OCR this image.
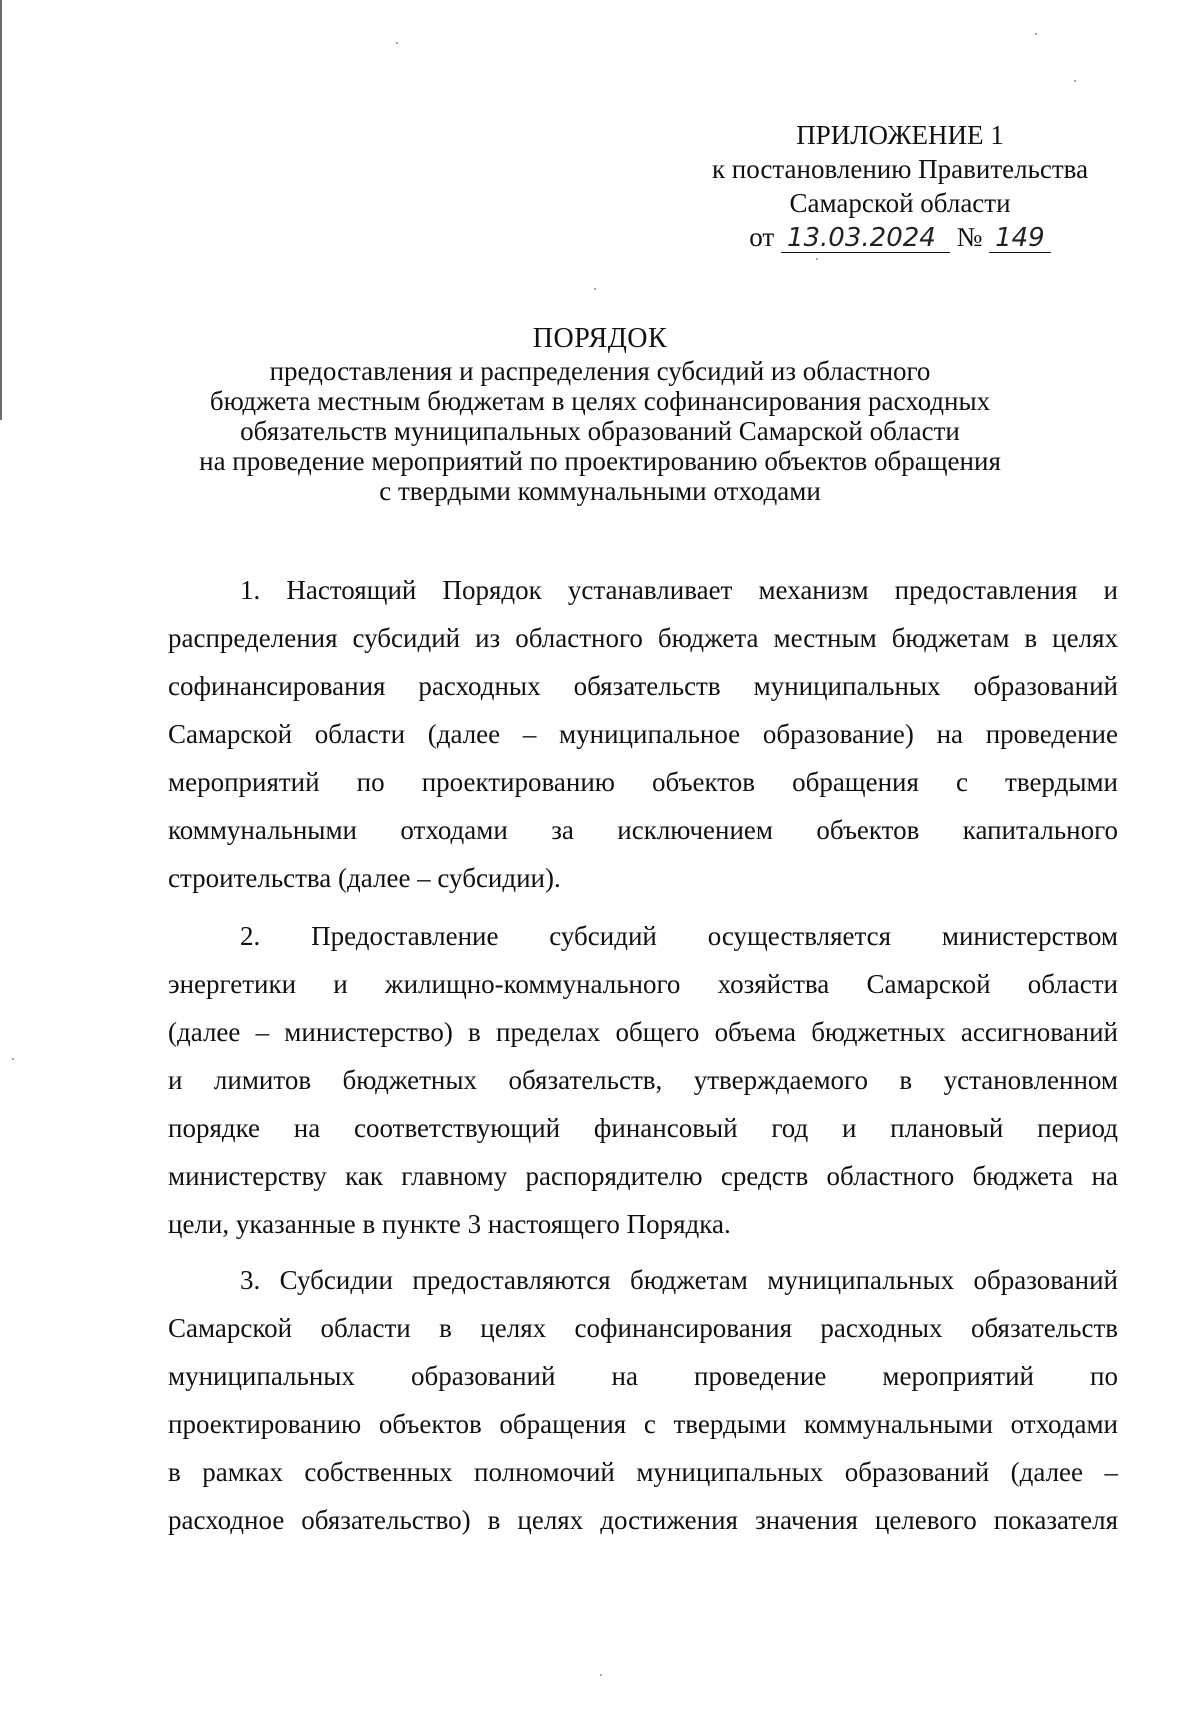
ПРИЛОЖЕНИЕ 1
к постановлению Правительства
Самарской области
от 13.03.2024 № 149
ПОРЯДОК
предоставления и распределения субсидий из областного
бюджета местным бюджетам в целях софинансирования расходных
обязательств муниципальных образований Самарской области
на проведение мероприятий по проектированию объектов обращения
с твердыми коммунальными отходами
1. Настоящий Порядок устанавливает механизм предоставления и
распределения субсидий из областного бюджета местным бюджетам в целях
софинансирования расходных обязательств муниципальных образований
Самарской области (далее – муниципальное образование) на проведение
мероприятий по проектированию объектов обращения с твердыми
коммунальными отходами за исключением объектов капитального
строительства (далее – субсидии).
2. Предоставление субсидий осуществляется министерством
энергетики и жилищно-коммунального хозяйства Самарской области
(далее – министерство) в пределах общего объема бюджетных ассигнований
и лимитов бюджетных обязательств, утверждаемого в установленном
порядке на соответствующий финансовый год и плановый период
министерству как главному распорядителю средств областного бюджета на
цели, указанные в пункте 3 настоящего Порядка.
3. Субсидии предоставляются бюджетам муниципальных образований
Самарской области в целях софинансирования расходных обязательств
муниципальных образований на проведение мероприятий по
проектированию объектов обращения с твердыми коммунальными отходами
в рамках собственных полномочий муниципальных образований (далее –
расходное обязательство) в целях достижения значения целевого показателя
